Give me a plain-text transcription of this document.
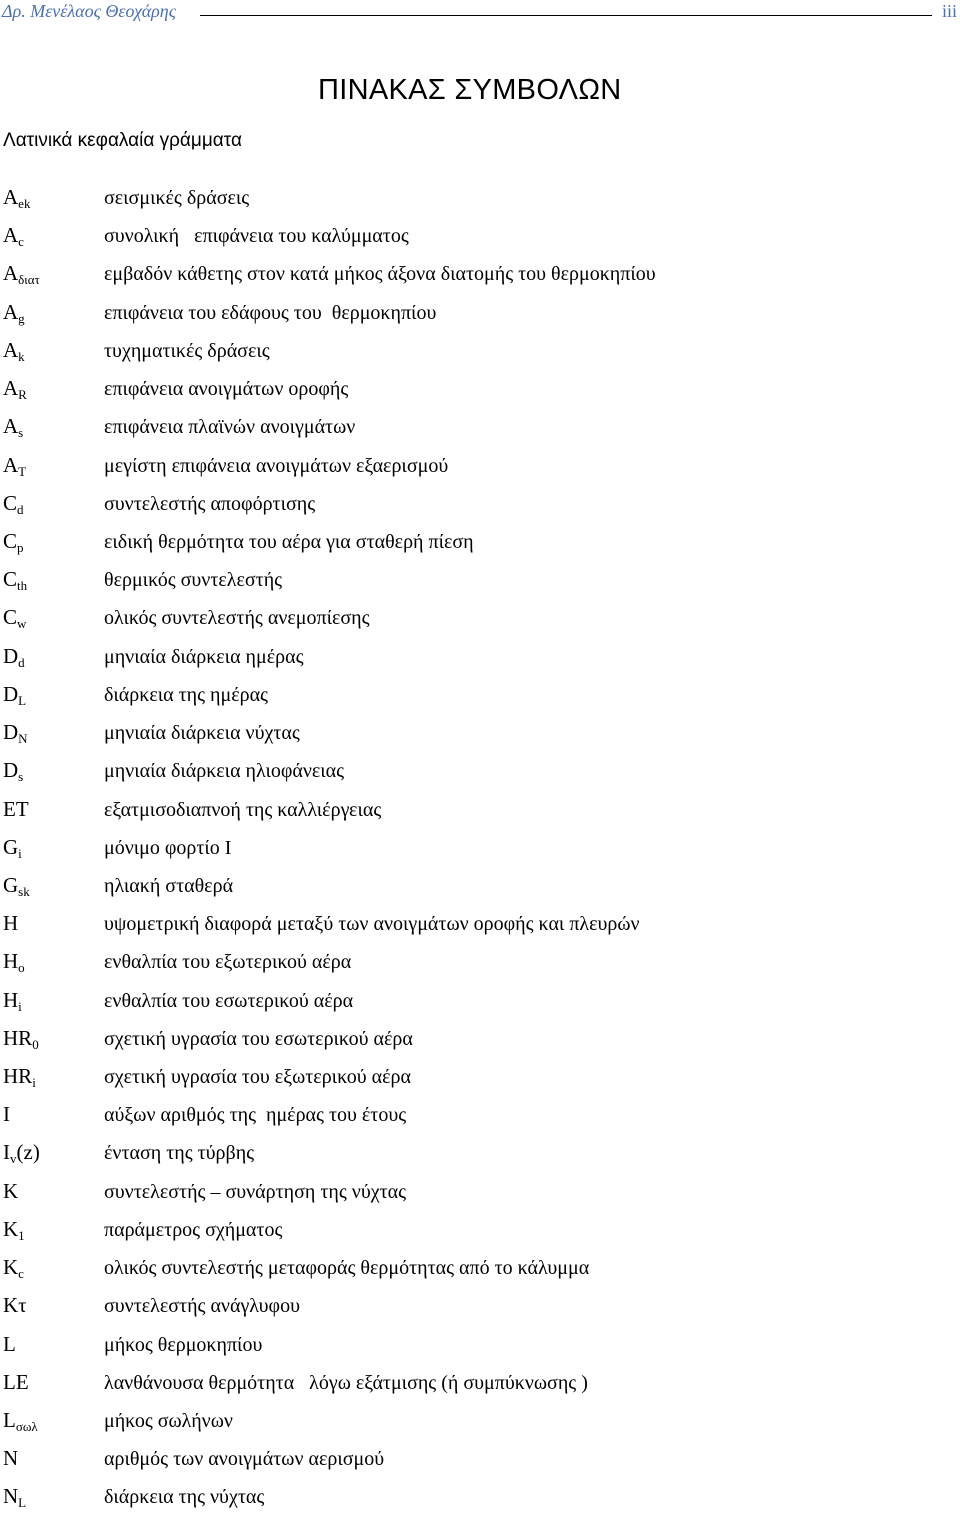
Δρ. Μενέλαος Θεοχάρης	iii
ΠΙΝΑΚΑΣ ΣΥΜΒΟΛΩΝ
Λατινικά κεφαλαία γράμματα
$A_{ek}$	σεισμικές δράσεις
$A_c$	συνολική   επιφάνεια του καλύμματος
$A_{\delta\iota\alpha\tau}$	εμβαδόν κάθετης στον κατά μήκος άξονα διατομής του θερμοκηπίου
$A_g$	επιφάνεια του εδάφους του  θερμοκηπίου
$A_k$	τυχηματικές δράσεις
$A_R$	επιφάνεια ανοιγμάτων οροφής
$A_s$	επιφάνεια πλαϊνών ανοιγμάτων
$A_T$	μεγίστη επιφάνεια ανοιγμάτων εξαερισμού
$C_d$	συντελεστής αποφόρτισης
$C_p$	ειδική θερμότητα του αέρα για σταθερή πίεση
$C_{th}$	θερμικός συντελεστής
$C_w$	ολικός συντελεστής ανεμοπίεσης
$D_d$	μηνιαία διάρκεια ημέρας
$D_L$	διάρκεια της ημέρας
$D_N$	μηνιαία διάρκεια νύχτας
$D_s$	μηνιαία διάρκεια ηλιοφάνειας
ET	εξατμισοδιαπνοή της καλλιέργειας
$G_i$	μόνιμο φορτίο I
$G_{sk}$	ηλιακή σταθερά
H	υψομετρική διαφορά μεταξύ των ανοιγμάτων οροφής και πλευρών
$H_o$	ενθαλπία του εξωτερικού αέρα
$H_i$	ενθαλπία του εσωτερικού αέρα
$HR_0$	σχετική υγρασία του εσωτερικού αέρα
$HR_i$	σχετική υγρασία του εξωτερικού αέρα
I	αύξων αριθμός της  ημέρας του έτους
$I_v(z)$	ένταση της τύρβης
K	συντελεστής – συνάρτηση της νύχτας
$K_1$	παράμετρος σχήματος
$K_c$	ολικός συντελεστής μεταφοράς θερμότητας από το κάλυμμα
Kτ	συντελεστής ανάγλυφου
L	μήκος θερμοκηπίου
LE	λανθάνουσα θερμότητα   λόγω εξάτμισης (ή συμπύκνωσης )
$L_{\sigma\omega\lambda}$	μήκος σωλήνων
N	αριθμός των ανοιγμάτων αερισμού
$N_L$	διάρκεια της νύχτας
